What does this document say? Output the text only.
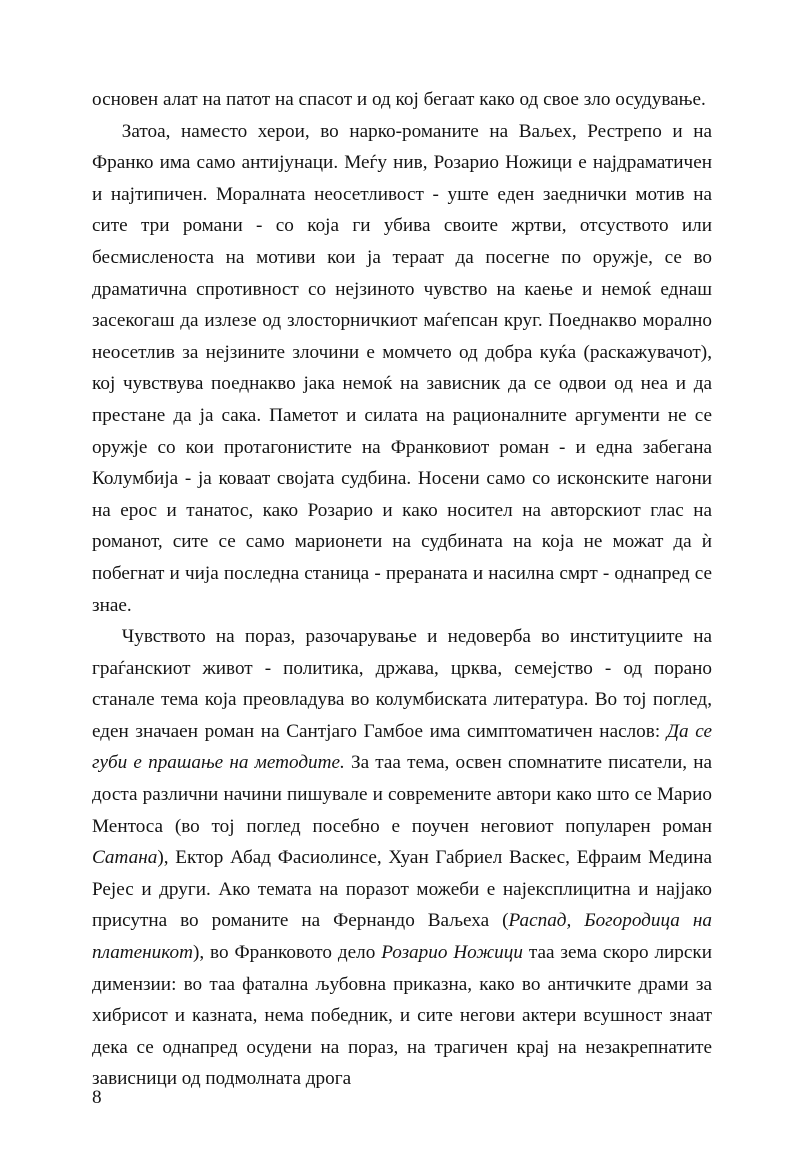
основен алат на патот на спасот и од кој бегаат како од свое зло осудување.

Затоа, наместо херои, во нарко-романите на Ваљех, Рестрепо и на Франко има само антијунаци. Меѓу нив, Розарио Ножици е најдраматичен и најтипичен. Моралната неосетливост - уште еден заеднички мотив на сите три романи - со која ги убива своите жртви, отсуството или бесмисленоста на мотиви кои ја тераат да посегне по оружје, се во драматична спротивност со нејзиното чувство на каење и немоќ еднаш засекогаш да излезе од злосторничкиот маѓепсан круг. Поеднакво морално неосетлив за нејзините злочини е момчето од добра куќа (раскажувачот), кој чувствува поеднакво јака немоќ на зависник да се одвои од неа и да престане да ја сака. Паметот и силата на рационалните аргументи не се оружје со кои протагонистите на Франковиот роман - и една забегана Колумбија - ја коваат својата судбина. Носени само со исконските нагони на ерос и танатос, како Розарио и како носител на авторскиот глас на романот, сите се само марионети на судбината на која не можат да ѝ побегнат и чија последна станица - прераната и насилна смрт - однапред се знае.

Чувството на пораз, разочарување и недоверба во институциите на граѓанскиот живот - политика, држава, црква, семејство - од порано станале тема која преовладува во колумбиската литература. Во тој поглед, еден значаен роман на Сантјаго Гамбое има симптоматичен наслов: Да се губи е прашање на методите. За таа тема, освен спомнатите писатели, на доста различни начини пишувале и современите автори како што се Марио Ментоса (во тој поглед посебно е поучен неговиот популарен роман Сатана), Ектор Абад Фасиолинсе, Хуан Габриел Васкес, Ефраим Медина Рејес и други. Ако темата на поразот можеби е најексплицитна и најјако присутна во романите на Фернандо Ваљеха (Распад, Богородица на платеникот), во Франковото дело Розарио Ножици таа зема скоро лирски димензии: во таа фатална љубовна приказна, како во античките драми за хибрисот и казната, нема победник, и сите негови актери всушност знаат дека се однапред осудени на пораз, на трагичен крај на незакрепнатите зависници од подмолната дрога

8
